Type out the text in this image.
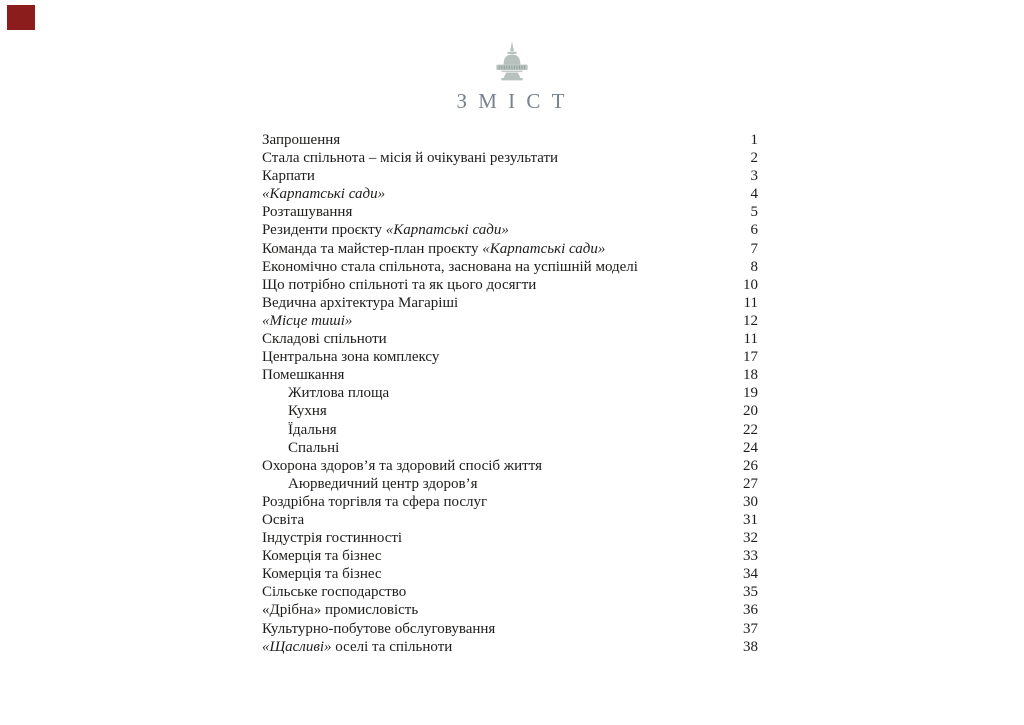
З М І С Т
Запрошення	1
Стала спільнота – місія й очікувані результати	2
Карпати	3
«Карпатські сади»	4
Розташування	5
Резиденти проєкту «Карпатські сади»	6
Команда та майстер-план проєкту «Карпатські сади»	7
Економічно стала спільнота, заснована на успішній моделі	8
Що потрібно спільноті та як цього досягти	10
Ведична архітектура Магаріші	11
«Місце тиші»	12
Складові спільноти	11
Центральна зона комплексу	17
Помешкання	18
Житлова площа	19
Кухня	20
Їдальня	22
Спальні	24
Охорона здоров’я та здоровий спосіб життя	26
Аюрведичний центр здоров’я	27
Роздрібна торгівля та сфера послуг	30
Освіта	31
Індустрія гостинності	32
Комерція та бізнес	33
Комерція та бізнес	34
Сільське господарство	35
«Дрібна» промисловість	36
Культурно-побутове обслуговування	37
«Щасливі» оселі та спільноти	38
